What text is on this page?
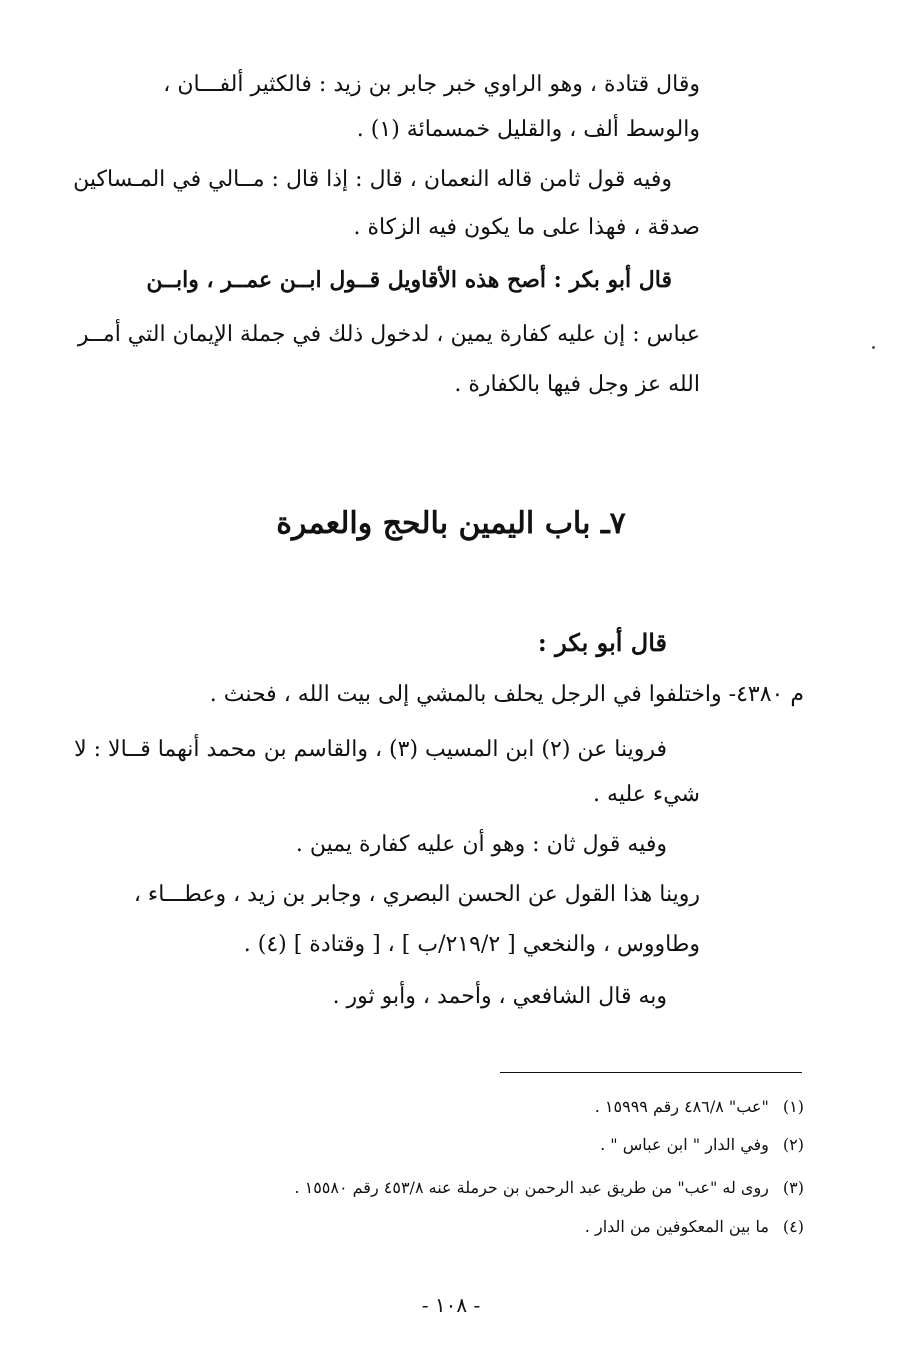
وقال قتادة ، وهو الراوي خبر جابر بن زيد : فالكثير ألفـــان ،
والوسط ألف ، والقليل خمسمائة (١) .
وفيه قول ثامن قاله النعمان ، قال : إذا قال : مــالي في المـساكين
صدقة ، فهذا على ما يكون فيه الزكاة .
قال أبو بكر : أصح هذه الأقاويل قــول ابــن عمــر ، وابــن
عباس : إن عليه كفارة يمين ، لدخول ذلك في جملة الإيمان التي أمــر
الله عز وجل فيها بالكفارة .
٧ـ باب اليمين بالحج والعمرة
قال أبو بكر :
م ٤٣٨٠- واختلفوا في الرجل يحلف بالمشي إلى بيت الله ، فحنث .
فروينا عن (٢) ابن المسيب (٣) ، والقاسم بن محمد أنهما قــالا : لا
شيء عليه .
وفيه قول ثان : وهو أن عليه كفارة يمين .
روينا هذا القول عن الحسن البصري ، وجابر بن زيد ، وعطـــاء ،
وطاووس ، والنخعي [ ٢١٩/٢/ب ] ، [ وقتادة ] (٤) .
وبه قال الشافعي ، وأحمد ، وأبو ثور .
(١)"عب" ٤٨٦/٨ رقم ١٥٩٩٩ .
(٢)وفي الدار " ابن عباس " .
(٣)روى له "عب" من طريق عبد الرحمن بن حرملة عنه ٤٥٣/٨ رقم ١٥٥٨٠ .
(٤)ما بين المعكوفين من الدار .
- ١٠٨ -
